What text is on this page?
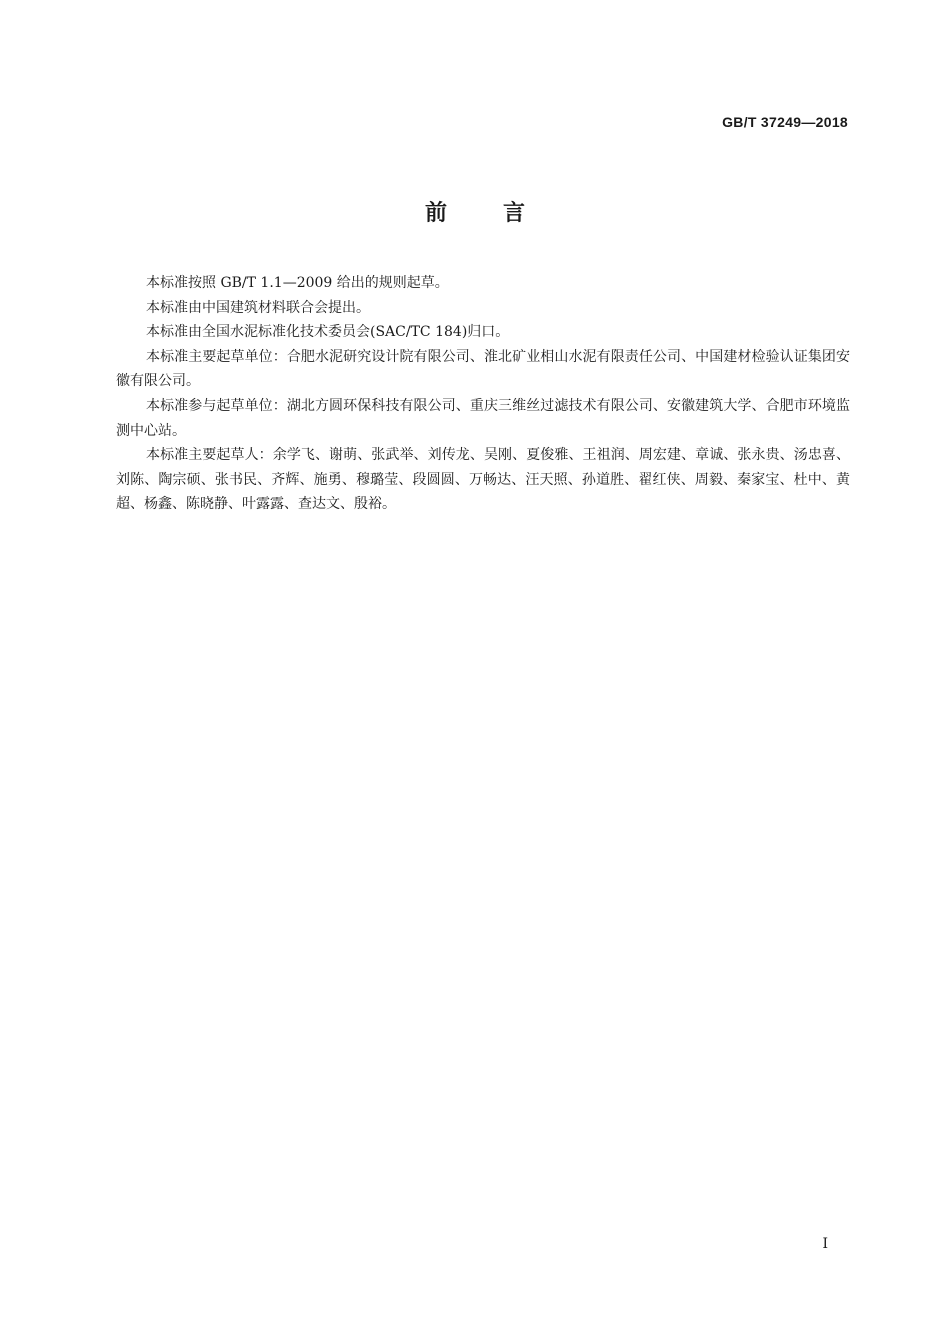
GB/T 37249—2018
前	言

本标准按照 GB/T 1.1—2009 给出的规则起草。

本标准由中国建筑材料联合会提出。

本标准由全国水泥标准化技术委员会(SAC/TC 184)归口。

本标准主要起草单位：合肥水泥研究设计院有限公司、淮北矿业相山水泥有限责任公司、中国建材检验认证集团安徽有限公司。

本标准参与起草单位：湖北方圆环保科技有限公司、重庆三维丝过滤技术有限公司、安徽建筑大学、合肥市环境监测中心站。

本标准主要起草人：余学飞、谢萌、张武举、刘传龙、吴刚、夏俊雅、王祖润、周宏建、章诚、张永贵、汤忠喜、刘陈、陶宗硕、张书民、齐辉、施勇、穆璐莹、段圆圆、万畅达、汪天照、孙道胜、翟红侠、周毅、秦家宝、杜中、黄超、杨鑫、陈晓静、叶露露、查达文、殷裕。

I
